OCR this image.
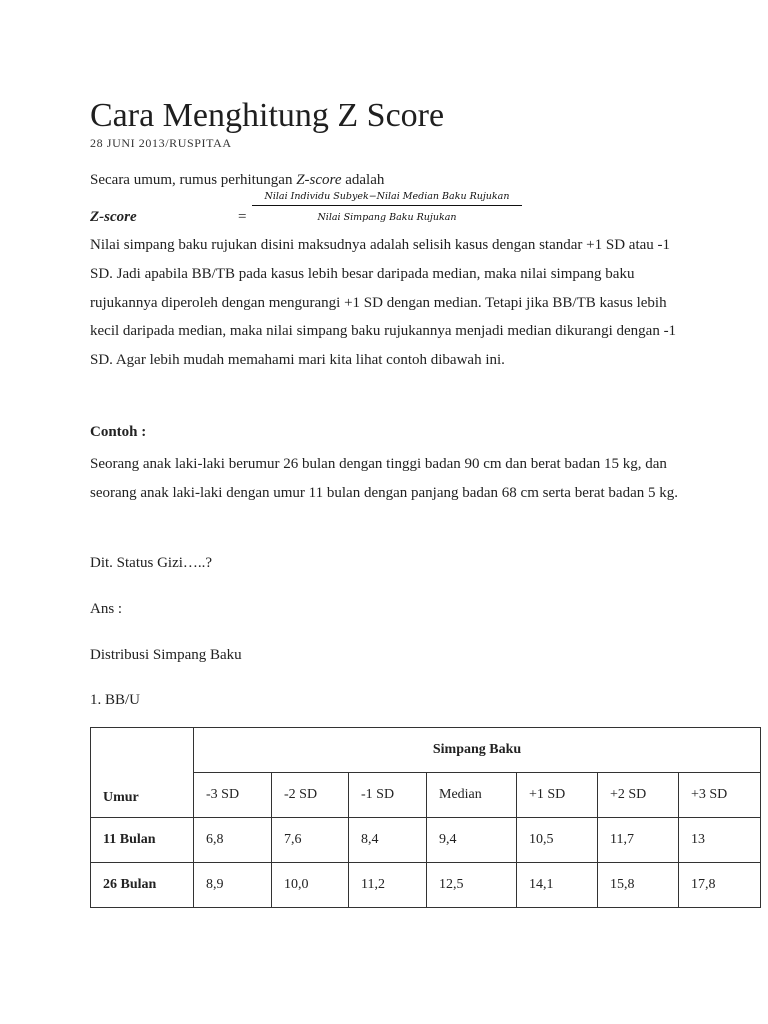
Cara Menghitung Z Score
28 JUNI 2013/RUSPITAA
Secara umum, rumus perhitungan Z-score adalah
Nilai Individu Subyek−Nilai Median Baku Rujukan
Nilai Simpang Baku Rujukan
Z-score	=

Nilai simpang baku rujukan disini maksudnya adalah selisih kasus dengan standar +1 SD atau -1 SD. Jadi apabila BB/TB pada kasus lebih besar daripada median, maka nilai simpang baku rujukannya diperoleh dengan mengurangi +1 SD dengan median. Tetapi jika BB/TB kasus lebih kecil daripada median, maka nilai simpang baku rujukannya menjadi median dikurangi dengan -1 SD. Agar lebih mudah memahami mari kita lihat contoh dibawah ini.

Contoh :

Seorang anak laki-laki berumur 26 bulan dengan tinggi badan 90 cm dan berat badan 15 kg, dan seorang anak laki-laki dengan umur 11 bulan dengan panjang badan 68 cm serta berat badan 5 kg.

Dit. Status Gizi…..?
Ans :
Distribusi Simpang Baku
1. BB/U
Umur	Simpang Baku						
	-3 SD	-2 SD	-1 SD	Median	+1 SD	+2 SD	+3 SD
11 Bulan	6,8	7,6	8,4	9,4	10,5	11,7	13
26 Bulan	8,9	10,0	11,2	12,5	14,1	15,8	17,8
